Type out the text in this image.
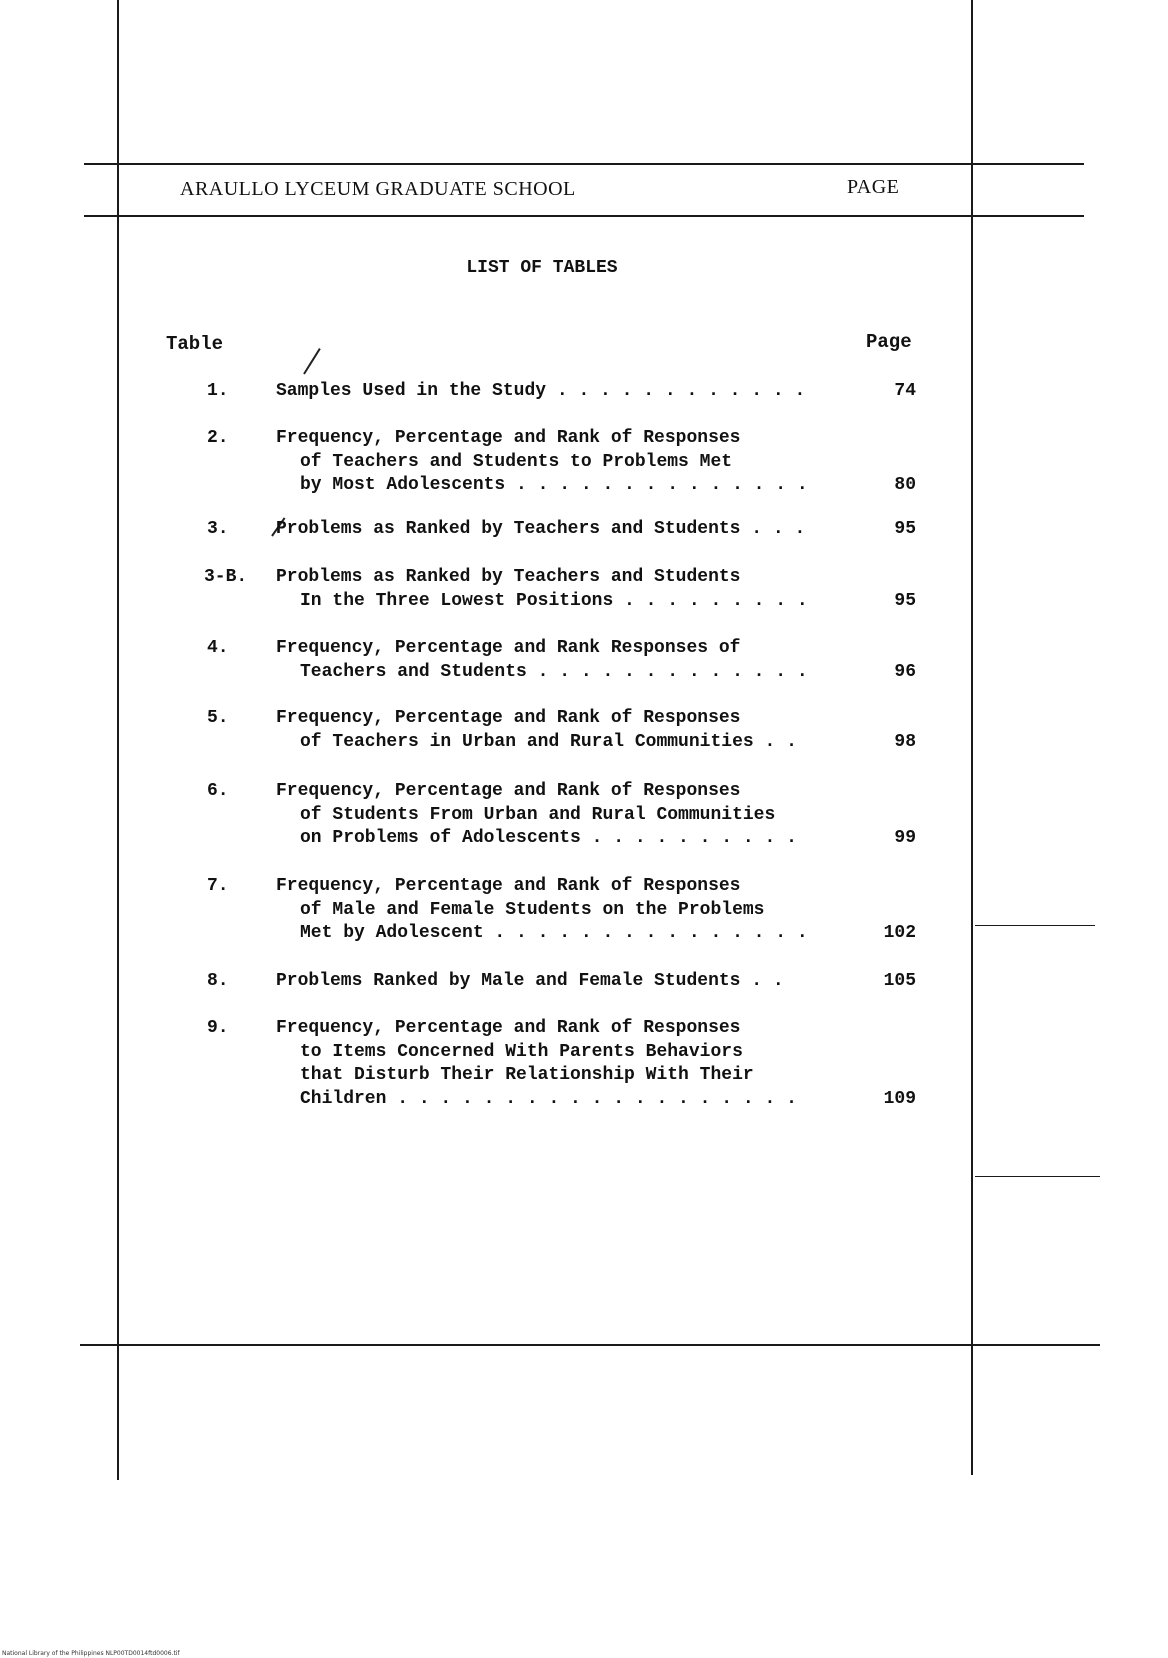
ARAULLO LYCEUM GRADUATE SCHOOL	PAGE
LIST OF TABLES
Table	Page
1.	Samples Used in the Study . . . . . . . . . . . .	74
2.	Frequency, Percentage and Rank of Responses
of Teachers and Students to Problems Met
by Most Adolescents . . . . . . . . . . . . . .	80
3.	Problems as Ranked by Teachers and Students . . .	95
3-B. Problems as Ranked by Teachers and Students
In the Three Lowest Positions . . . . . . . . .	95
4.	Frequency, Percentage and Rank Responses of
Teachers and Students . . . . . . . . . . . . .	96
5.	Frequency, Percentage and Rank of Responses
of Teachers in Urban and Rural Communities . .	98
6.	Frequency, Percentage and Rank of Responses
of Students From Urban and Rural Communities
on Problems of Adolescents . . . . . . . . . .	99
7.	Frequency, Percentage and Rank of Responses
of Male and Female Students on the Problems
Met by Adolescent . . . . . . . . . . . . . . .	102
8.	Problems Ranked by Male and Female Students . .	105
9.	Frequency, Percentage and Rank of Responses
to Items Concerned With Parents Behaviors
that Disturb Their Relationship With Their
Children . . . . . . . . . . . . . . . . . . .	109
National Library of the Philippines NLP00TD0014ftd0006.tif
